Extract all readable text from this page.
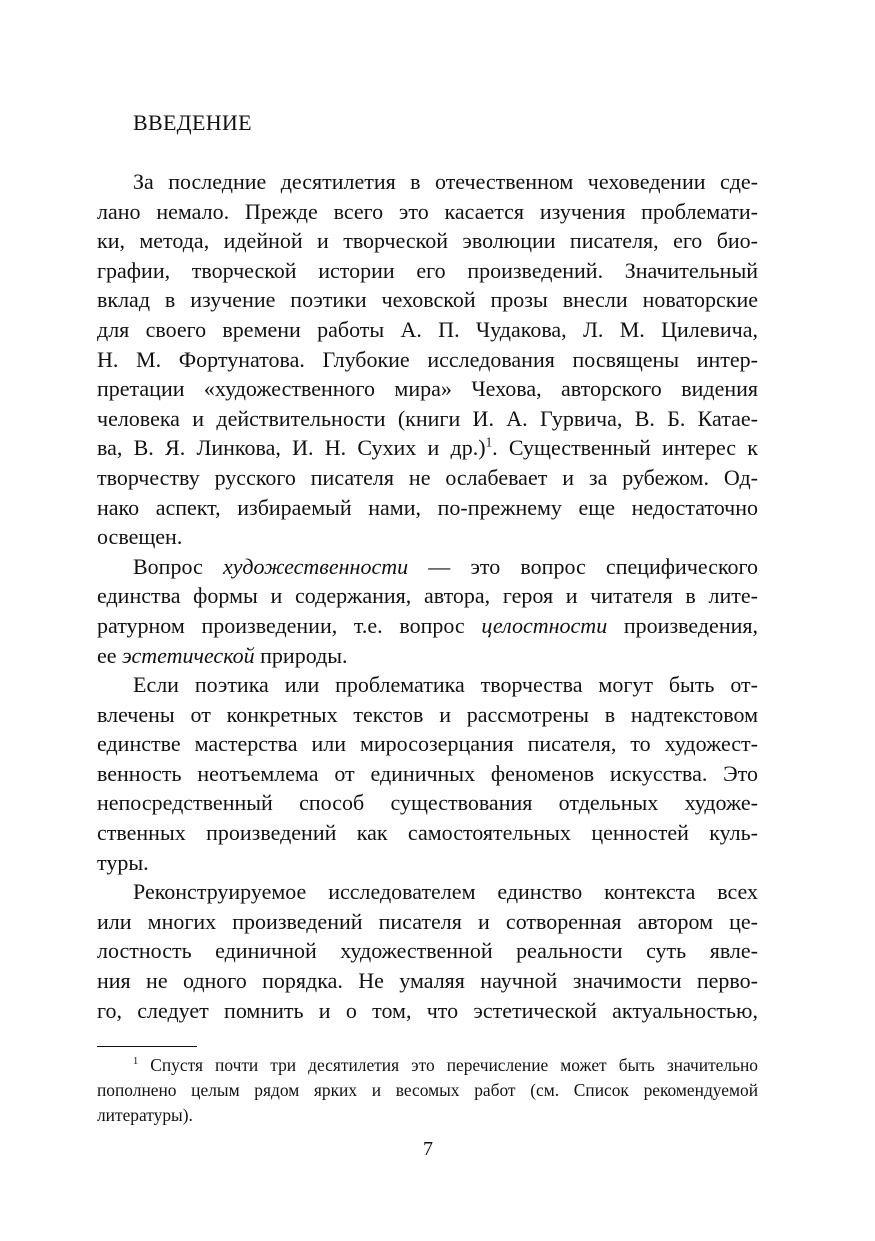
ВВЕДЕНИЕ
За последние десятилетия в отечественном чеховедении сде-
лано немало. Прежде всего это касается изучения проблемати-
ки, метода, идейной и творческой эволюции писателя, его био-
графии, творческой истории его произведений. Значительный
вклад в изучение поэтики чеховской прозы внесли новаторские
для своего времени работы А. П. Чудакова, Л. М. Цилевича,
Н. М. Фортунатова. Глубокие исследования посвящены интер-
претации «художественного мира» Чехова, авторского видения
человека и действительности (книги И. А. Гурвича, В. Б. Катае-
ва, В. Я. Линкова, И. Н. Сухих и др.)$^1$. Существенный интерес к
творчеству русского писателя не ослабевает и за рубежом. Од-
нако аспект, избираемый нами, по-прежнему еще недостаточно
освещен.
Вопрос художественности — это вопрос специфического
единства формы и содержания, автора, героя и читателя в лите-
ратурном произведении, т.е. вопрос целостности произведения,
ее эстетической природы.
Если поэтика или проблематика творчества могут быть от-
влечены от конкретных текстов и рассмотрены в надтекстовом
единстве мастерства или миросозерцания писателя, то художест-
венность неотъемлема от единичных феноменов искусства. Это
непосредственный способ существования отдельных художе-
ственных произведений как самостоятельных ценностей куль-
туры.
Реконструируемое исследователем единство контекста всех
или многих произведений писателя и сотворенная автором це-
лостность единичной художественной реальности суть явле-
ния не одного порядка. Не умаляя научной значимости перво-
го, следует помнить и о том, что эстетической актуальностью,
$^1$ Спустя почти три десятилетия это перечисление может быть значительно
пополнено целым рядом ярких и весомых работ (см. Список рекомендуемой
литературы).
7
